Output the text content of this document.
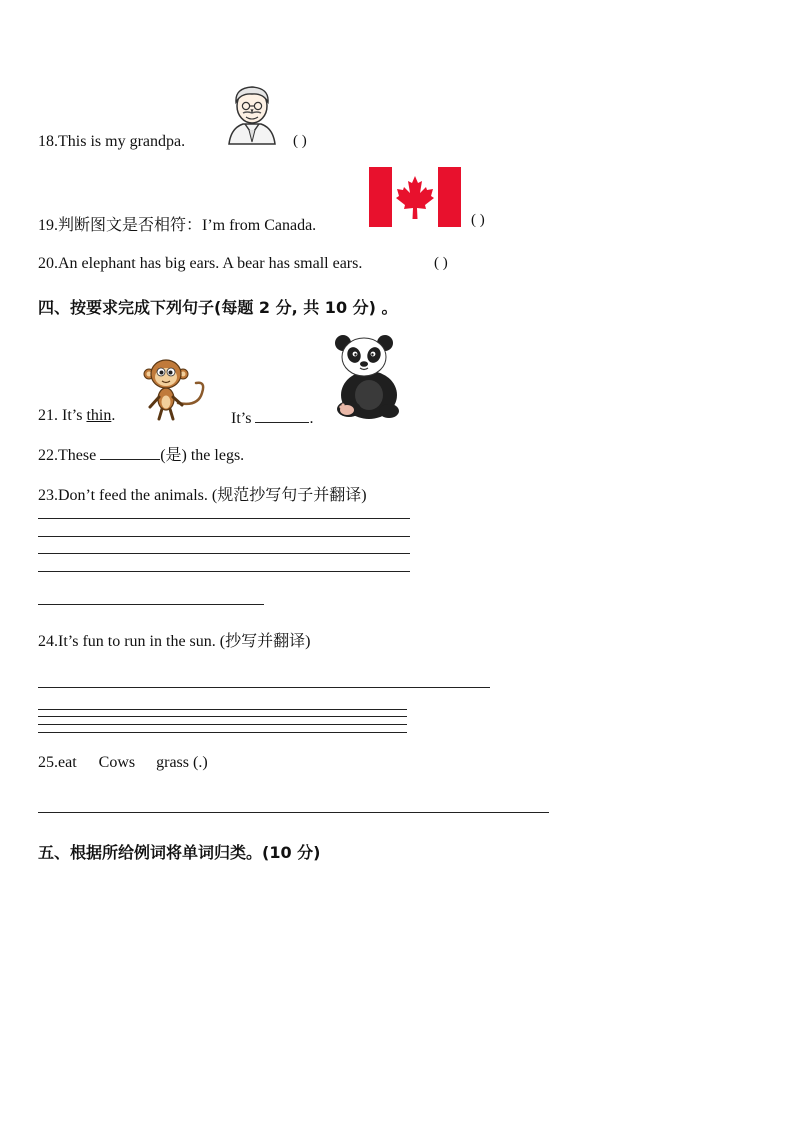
18.This is my grandpa.	( )
19.判断图文是否相符：I’m from Canada.	( )
20.An elephant has big ears. A bear has small ears.	( )
四、按要求完成下列句子(每题 2 分, 共 10 分) 。
21. It’s thin.	It’s	.
22.These	(是) the legs.
23.Don’t feed the animals. (规范抄写句子并翻译)
24.It’s fun to run in the sun. (抄写并翻译)
25.eat Cows grass (.)
五、根据所给例词将单词归类。(10 分)
